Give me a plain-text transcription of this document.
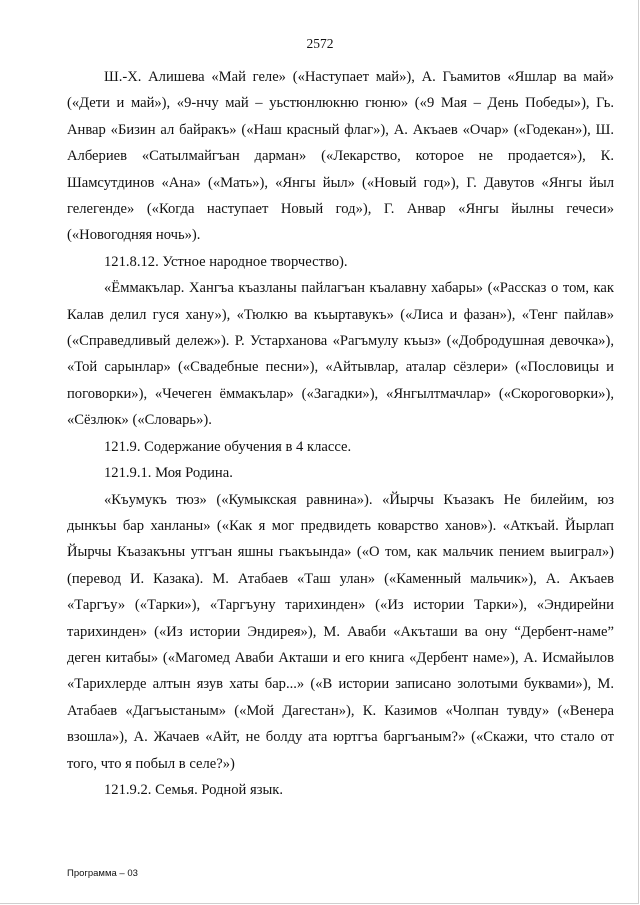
2572

Ш.-Х. Алишева «Май геле» («Наступает май»), А. Гьамитов «Яшлар ва май» («Дети и май»), «9-нчу май – уьстюнлюкню гюню» («9 Мая – День Победы»), Гь. Анвар «Бизин ал байракъ» («Наш красный флаг»), А. Акъаев «Очар» («Годекан»), Ш. Албериев «Сатылмайгъан дарман» («Лекарство, которое не продается»), К. Шамсутдинов «Ана» («Мать»), «Янгы йыл» («Новый год»), Г. Давутов «Янгы йыл гелегенде» («Когда наступает Новый год»), Г. Анвар «Янгы йылны гечеси» («Новогодняя ночь»).

121.8.12. Устное народное творчество).

«Ёммакълар. Хангъа къазланы пайлагъан къалавну хабары» («Рассказ о том, как Калав делил гуся хану»), «Тюлкю ва къыртавукъ» («Лиса и фазан»), «Тенг пайлав» («Справедливый дележ»). Р. Устарханова «Рагъмулу къыз» («Добродушная девочка»), «Той сарынлар» («Свадебные песни»), «Айтывлар, аталар сёзлери» («Пословицы и поговорки»), «Чечеген ёммакълар» («Загадки»), «Янгылтмачлар» («Скороговорки»), «Сёзлюк» («Словарь»).

121.9. Содержание обучения в 4 классе.

121.9.1. Моя Родина.

«Къумукъ тюз» («Кумыкская равнина»). «Йырчы Къазакъ Не билейим, юз дынкъы бар ханланы» («Как я мог предвидеть коварство ханов»). «Аткъай. Йырлап Йырчы Къазакъны утгъан яшны гьакъында» («О том, как мальчик пением выиграл») (перевод И. Казака). М. Атабаев «Таш улан» («Каменный мальчик»), А. Акъаев «Таргъу» («Тарки»), «Таргъуну тарихинден» («Из истории Тарки»), «Эндирейни тарихинден» («Из истории Эндирея»), М. Аваби «Акъташи ва ону “Дербент-наме” деген китабы» («Магомед Аваби Акташи и его книга «Дербент наме»), А. Исмайылов «Тарихлерде алтын язув хаты бар...» («В истории записано золотыми буквами»), М. Атабаев «Дагъыстаным» («Мой Дагестан»), К. Казимов «Чолпан тувду» («Венера взошла»), А. Жачаев «Айт, не болду ата юртгъа баргъаным?» («Скажи, что стало от того, что я побыл в селе?»)

121.9.2. Семья. Родной язык.

Программа – 03
